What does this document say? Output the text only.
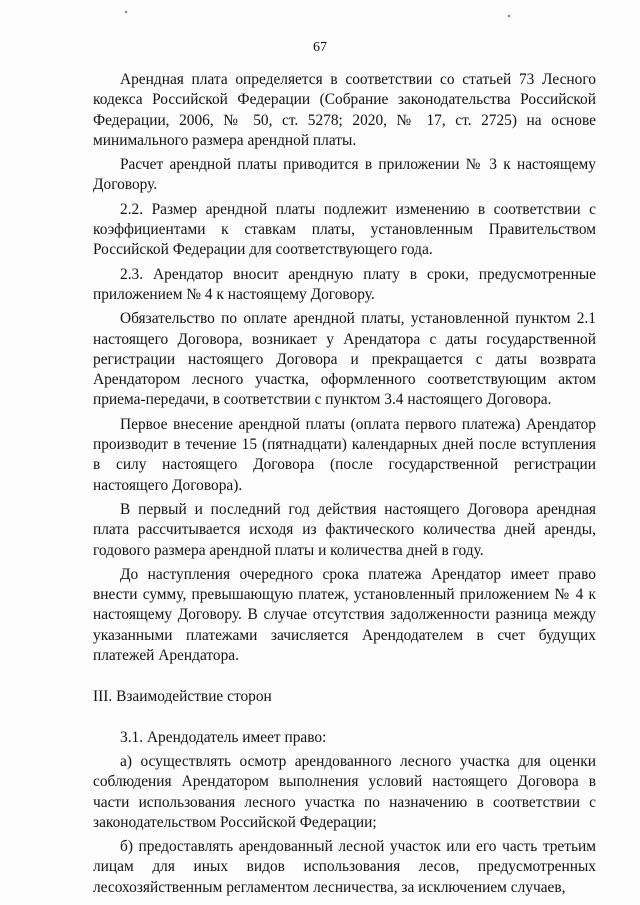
67

Арендная плата определяется в соответствии со статьей 73 Лесного кодекса Российской Федерации (Собрание законодательства Российской Федерации, 2006, № 50, ст. 5278; 2020, № 17, ст. 2725) на основе минимального размера арендной платы.

Расчет арендной платы приводится в приложении № 3 к настоящему Договору.

2.2. Размер арендной платы подлежит изменению в соответствии с коэффициентами к ставкам платы, установленным Правительством Российской Федерации для соответствующего года.

2.3. Арендатор вносит арендную плату в сроки, предусмотренные приложением № 4 к настоящему Договору.

Обязательство по оплате арендной платы, установленной пунктом 2.1 настоящего Договора, возникает у Арендатора с даты государственной регистрации настоящего Договора и прекращается с даты возврата Арендатором лесного участка, оформленного соответствующим актом приема-передачи, в соответствии с пунктом 3.4 настоящего Договора.

Первое внесение арендной платы (оплата первого платежа) Арендатор производит в течение 15 (пятнадцати) календарных дней после вступления в силу настоящего Договора (после государственной регистрации настоящего Договора).

В первый и последний год действия настоящего Договора арендная плата рассчитывается исходя из фактического количества дней аренды, годового размера арендной платы и количества дней в году.

До наступления очередного срока платежа Арендатор имеет право внести сумму, превышающую платеж, установленный приложением № 4 к настоящему Договору. В случае отсутствия задолженности разница между указанными платежами зачисляется Арендодателем в счет будущих платежей Арендатора.

III. Взаимодействие сторон

3.1. Арендодатель имеет право:

а) осуществлять осмотр арендованного лесного участка для оценки соблюдения Арендатором выполнения условий настоящего Договора в части использования лесного участка по назначению в соответствии с законодательством Российской Федерации;

б) предоставлять арендованный лесной участок или его часть третьим лицам для иных видов использования лесов, предусмотренных лесохозяйственным регламентом лесничества, за исключением случаев,
